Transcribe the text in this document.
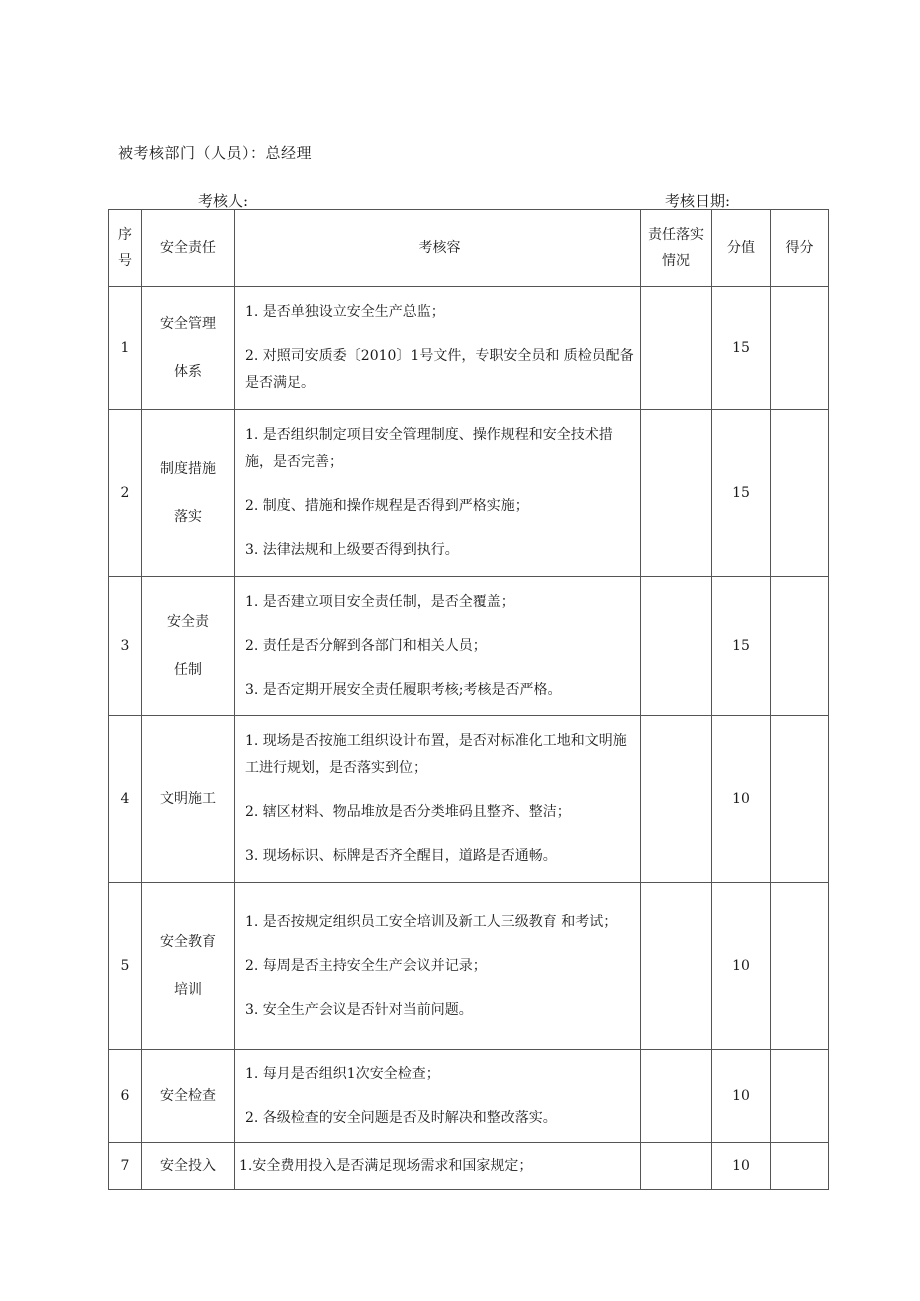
被考核部门（人员）：总经理
考核人:	考核日期:
序号	安全责任	考核容	责任落实情况	分值	得分
1	安全管理体系	1. 是否单独设立安全生产总监；

2. 对照司安质委〔2010〕1号文件，专职安全员和 质检员配备是否满足。		15	
2	制度措施落实	1. 是否组织制定项目安全管理制度、操作规程和安全技术措施，是否完善；

2. 制度、措施和操作规程是否得到严格实施；

3. 法律法规和上级要否得到执行。		15	
3	安全责任制	1. 是否建立项目安全责任制，是否全覆盖；

2. 责任是否分解到各部门和相关人员；

3. 是否定期开展安全责任履职考核;考核是否严格。		15	
4	文明施工	1. 现场是否按施工组织设计布置，是否对标准化工地和文明施工进行规划，是否落实到位；

2. 辖区材料、物品堆放是否分类堆码且整齐、整洁；

3. 现场标识、标牌是否齐全醒目，道路是否通畅。		10	
5	安全教育培训	1. 是否按规定组织员工安全培训及新工人三级教育 和考试；

2. 每周是否主持安全生产会议并记录；

3. 安全生产会议是否针对当前问题。		10	
6	安全检查	1. 每月是否组织1次安全检查；

2. 各级检查的安全问题是否及时解决和整改落实。		10	
7	安全投入	1.安全费用投入是否满足现场需求和国家规定；		10	
